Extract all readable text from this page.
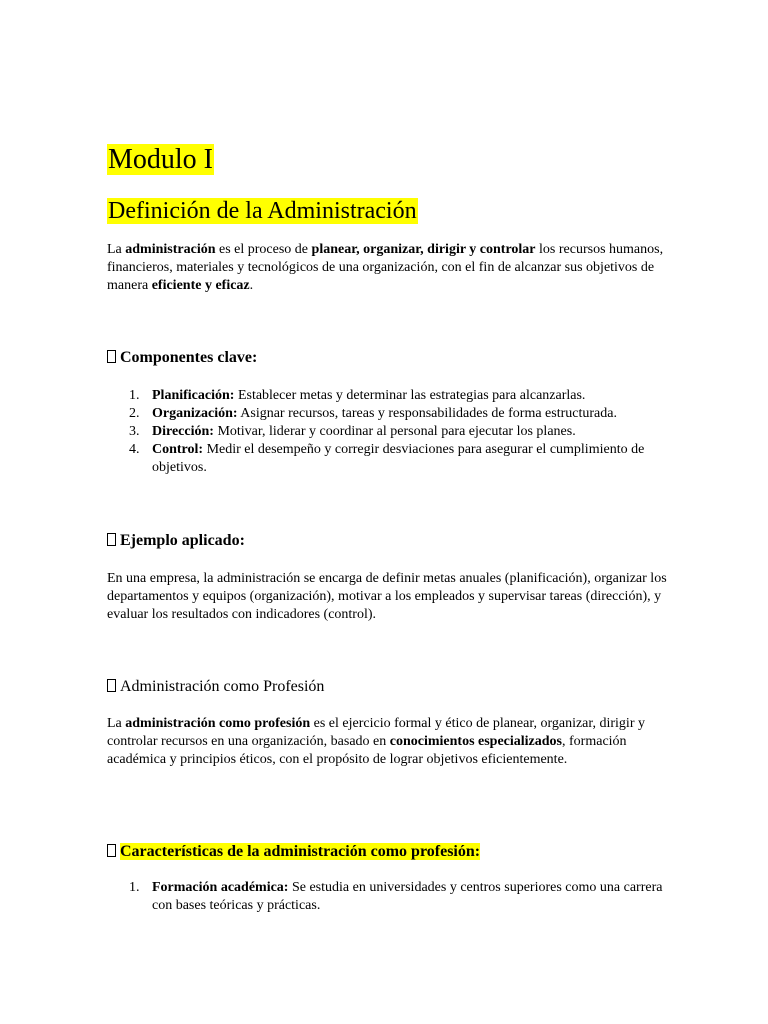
Modulo I
Definición de la Administración

La administración es el proceso de planear, organizar, dirigir y controlar los recursos humanos, financieros, materiales y tecnológicos de una organización, con el fin de alcanzar sus objetivos de manera eficiente y eficaz.

Componentes clave:
1. Planificación: Establecer metas y determinar las estrategias para alcanzarlas.
2. Organización: Asignar recursos, tareas y responsabilidades de forma estructurada.
3. Dirección: Motivar, liderar y coordinar al personal para ejecutar los planes.
4. Control: Medir el desempeño y corregir desviaciones para asegurar el cumplimiento de objetivos.
Ejemplo aplicado:

En una empresa, la administración se encarga de definir metas anuales (planificación), organizar los departamentos y equipos (organización), motivar a los empleados y supervisar tareas (dirección), y evaluar los resultados con indicadores (control).

Administración como Profesión

La administración como profesión es el ejercicio formal y ético de planear, organizar, dirigir y controlar recursos en una organización, basado en conocimientos especializados, formación académica y principios éticos, con el propósito de lograr objetivos eficientemente.

Características de la administración como profesión:
1. Formación académica: Se estudia en universidades y centros superiores como una carrera con bases teóricas y prácticas.
